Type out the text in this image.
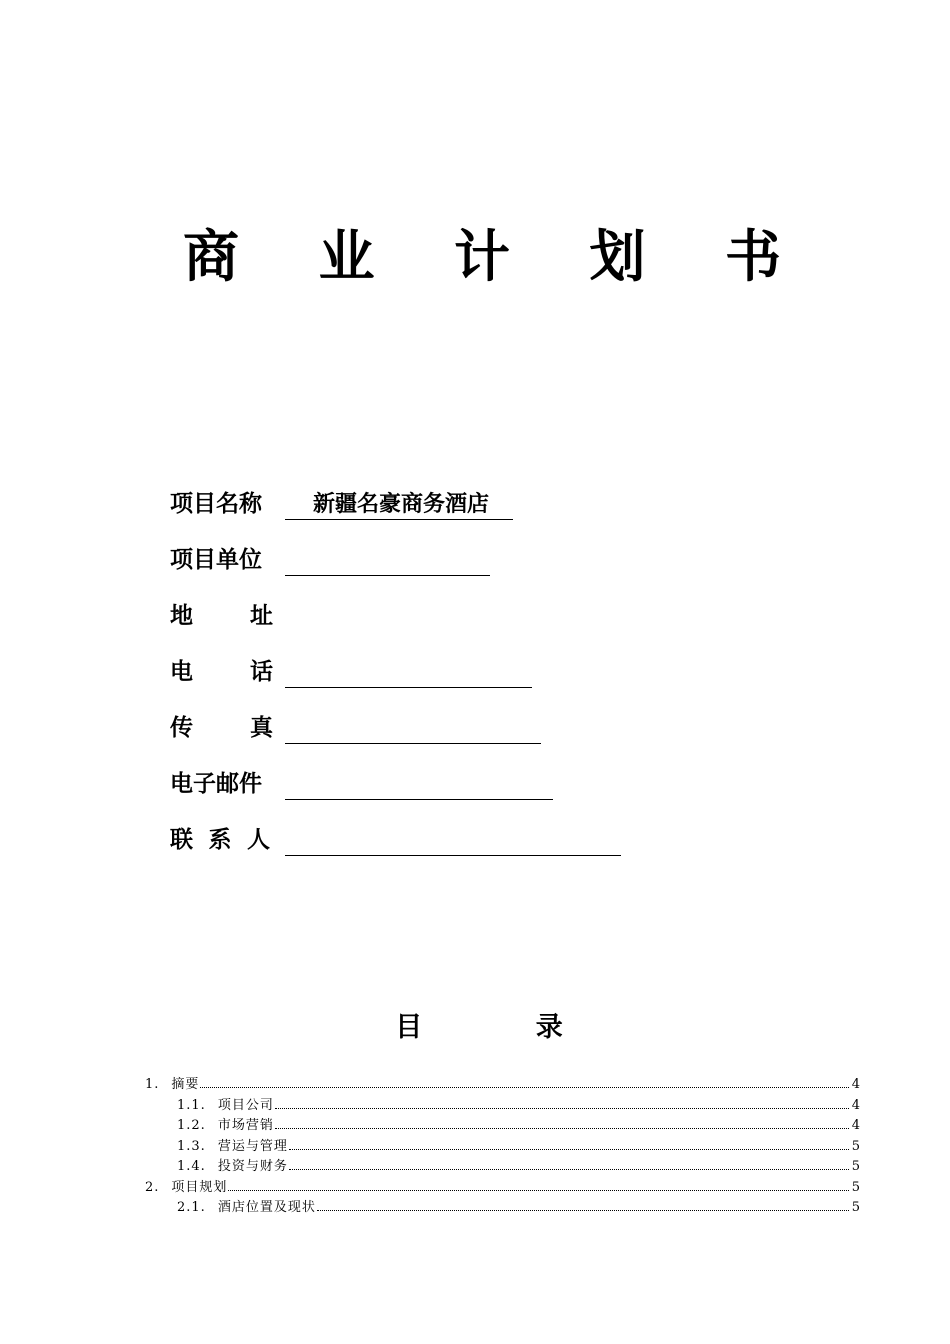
商 业 计 划 书
项目名称	新疆名豪商务酒店
项目单位
地 址
电 话
传 真
电子邮件
联 系 人
目 录
1. 摘要	4
1.1. 项目公司	4
1.2. 市场营销	4
1.3. 营运与管理	5
1.4. 投资与财务	5
2. 项目规划	5
2.1. 酒店位置及现状	5
